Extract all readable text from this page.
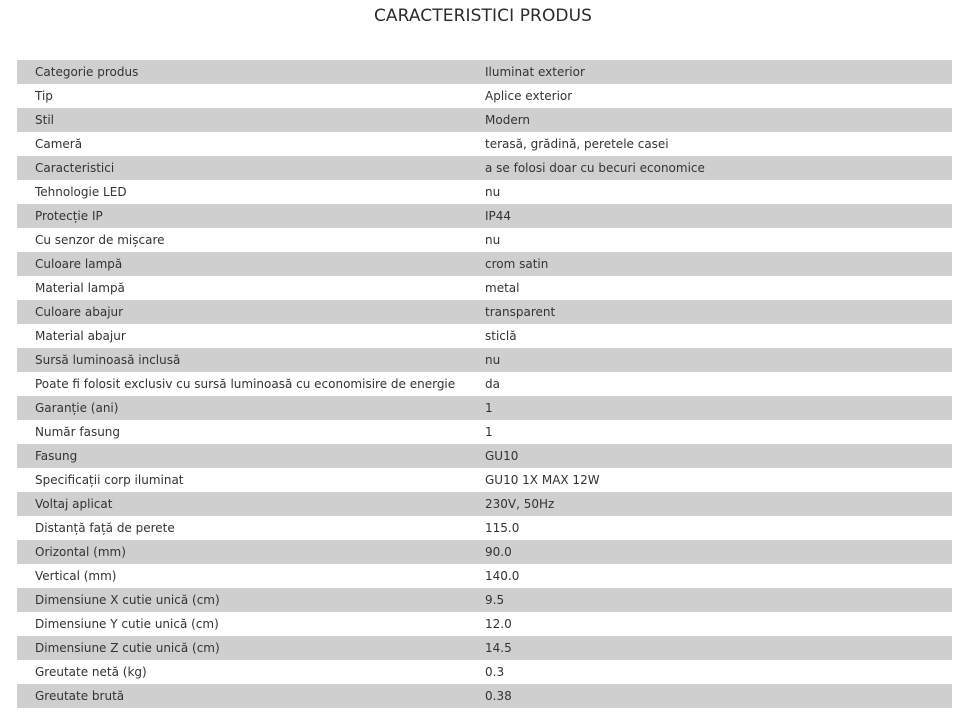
CARACTERISTICI PRODUS
Categorie produs	Iluminat exterior
Tip	Aplice exterior
Stil	Modern
Cameră	terasă, grădină, peretele casei
Caracteristici	a se folosi doar cu becuri economice
Tehnologie LED	nu
Protecție IP	IP44
Cu senzor de mișcare	nu
Culoare lampă	crom satin
Material lampă	metal
Culoare abajur	transparent
Material abajur	sticlă
Sursă luminoasă inclusă	nu
Poate fi folosit exclusiv cu sursă luminoasă cu economisire de energie	da
Garanție (ani)	1
Număr fasung	1
Fasung	GU10
Specificații corp iluminat	GU10 1X MAX 12W
Voltaj aplicat	230V, 50Hz
Distanță față de perete	115.0
Orizontal (mm)	90.0
Vertical (mm)	140.0
Dimensiune X cutie unică (cm)	9.5
Dimensiune Y cutie unică (cm)	12.0
Dimensiune Z cutie unică (cm)	14.5
Greutate netă (kg)	0.3
Greutate brută	0.38
